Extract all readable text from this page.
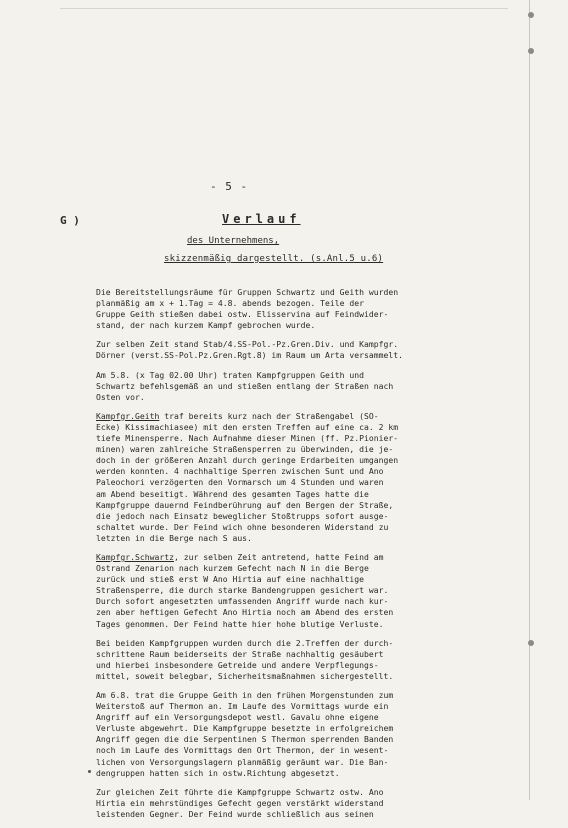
- 5 -
G )	Verlauf
des Unternehmens,
skizzenmäßig dargestellt. (s.Anl.5 u.6)

Die Bereitstellungsräume für Gruppen Schwartz und Geith wurden
planmäßig am x + 1.Tag = 4.8. abends bezogen. Teile der
Gruppe Geith stießen dabei ostw. Elisservina auf Feindwider-
stand, der nach kurzem Kampf gebrochen wurde.

Zur selben Zeit stand Stab/4.SS-Pol.-Pz.Gren.Div. und Kampfgr.
Dörner (verst.SS-Pol.Pz.Gren.Rgt.8) im Raum um Arta versammelt.

Am 5.8. (x Tag 02.00 Uhr) traten Kampfgruppen Geith und
Schwartz befehlsgemäß an und stießen entlang der Straßen nach
Osten vor.

Kampfgr.Geith traf bereits kurz nach der Straßengabel (SO-
Ecke) Kissimachiasee) mit den ersten Treffen auf eine ca. 2 km
tiefe Minensperre. Nach Aufnahme dieser Minen (ff. Pz.Pionier-
minen) waren zahlreiche Straßensperren zu überwinden, die je-
doch in der größeren Anzahl durch geringe Erdarbeiten umgangen
werden konnten. 4 nachhaltige Sperren zwischen Sunt und Ano
Paleochori verzögerten den Vormarsch um 4 Stunden und waren
am Abend beseitigt. Während des gesamten Tages hatte die
Kampfgruppe dauernd Feindberührung auf den Bergen der Straße,
die jedoch nach Einsatz beweglicher Stoßtrupps sofort ausge-
schaltet wurde. Der Feind wich ohne besonderen Widerstand zu
letzten in die Berge nach S aus.

Kampfgr.Schwartz, zur selben Zeit antretend, hatte Feind am
Ostrand Zenarion nach kurzem Gefecht nach N in die Berge
zurück und stieß erst W Ano Hirtia auf eine nachhaltige
Straßensperre, die durch starke Bandengruppen gesichert war.
Durch sofort angesetzten umfassenden Angriff wurde nach kur-
zen aber heftigen Gefecht Ano Hirtia noch am Abend des ersten
Tages genommen. Der Feind hatte hier hohe blutige Verluste.

Bei beiden Kampfgruppen wurden durch die 2.Treffen der durch-
schrittene Raum beiderseits der Straße nachhaltig gesäubert
und hierbei insbesondere Getreide und andere Verpflegungs-
mittel, soweit belegbar, Sicherheitsmaßnahmen sichergestellt.

Am 6.8. trat die Gruppe Geith in den frühen Morgenstunden zum
Weiterstoß auf Thermon an. Im Laufe des Vormittags wurde ein
Angriff auf ein Versorgungsdepot westl. Gavalu ohne eigene
Verluste abgewehrt. Die Kampfgruppe besetzte in erfolgreichem
Angriff gegen die die Serpentinen S Thermon sperrenden Banden
noch im Laufe des Vormittags den Ort Thermon, der in wesent-
lichen von Versorgungslagern planmäßig geräumt war. Die Ban-
dengruppen hatten sich in ostw.Richtung abgesetzt.

Zur gleichen Zeit führte die Kampfgruppe Schwartz ostw. Ano
Hirtia ein mehrstündiges Gefecht gegen verstärkt widerstand
leistenden Gegner. Der Feind wurde schließlich aus seinen
